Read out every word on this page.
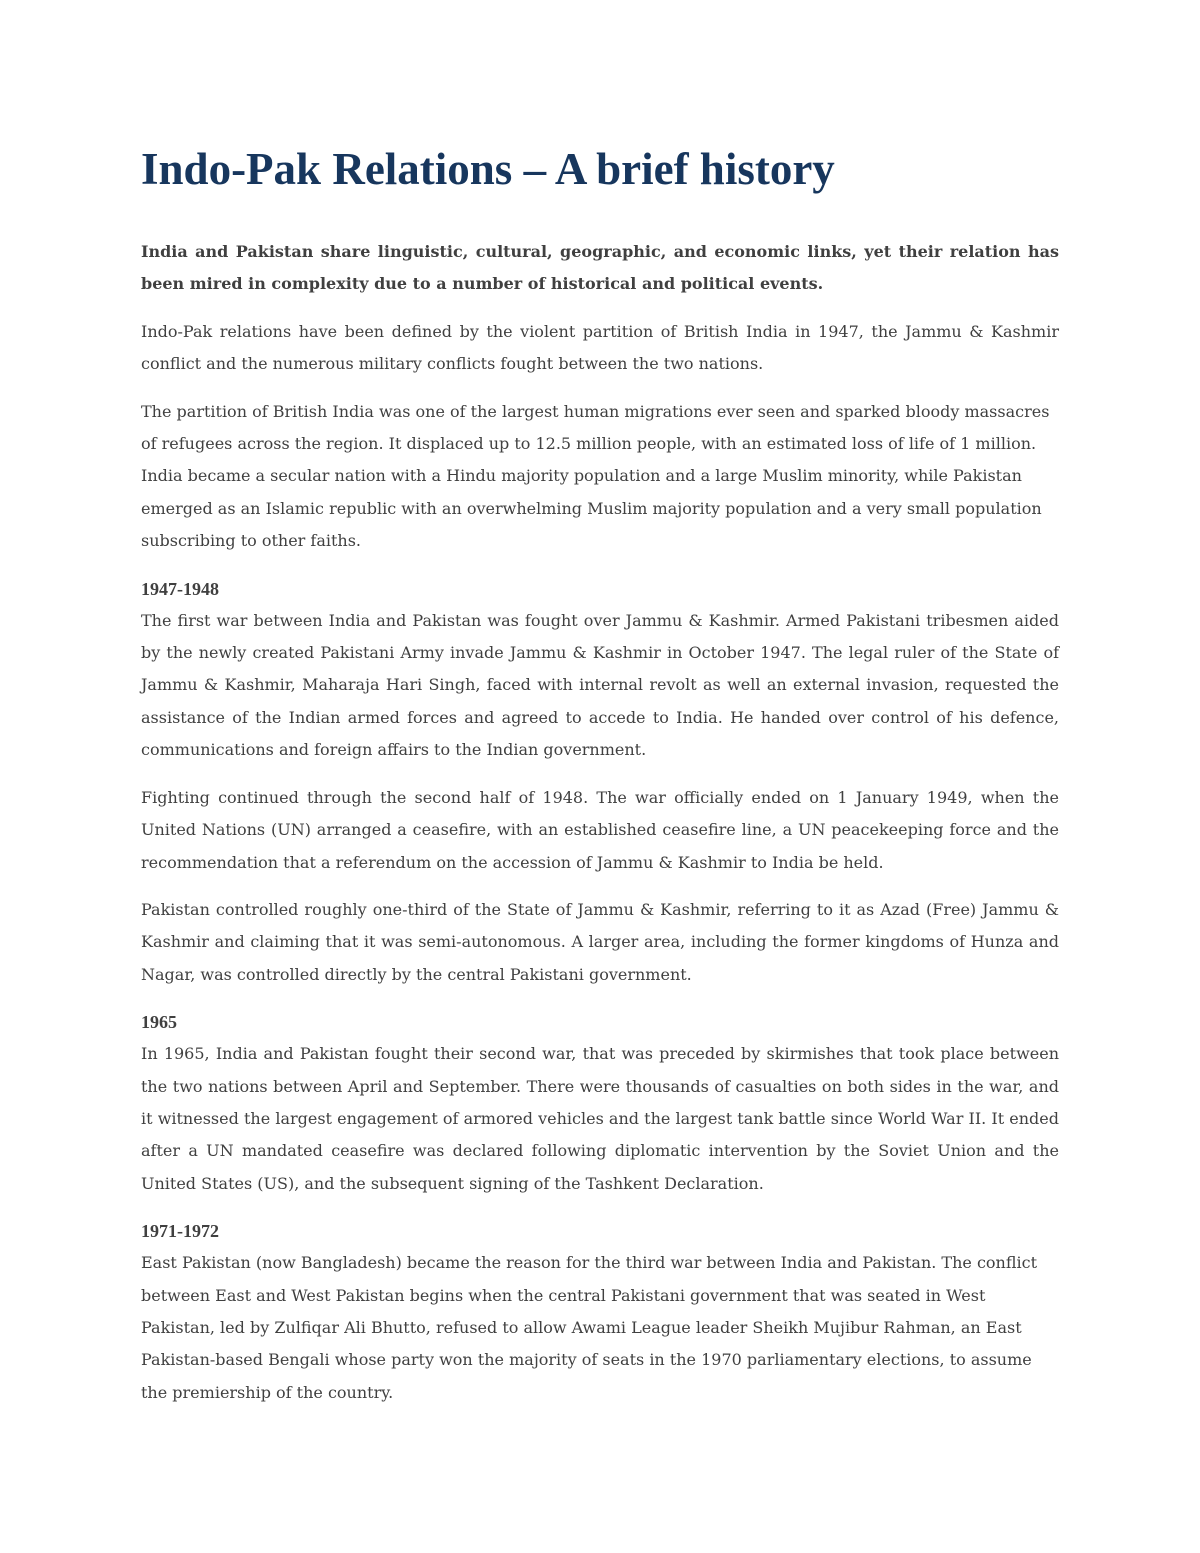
Indo-Pak Relations – A brief history

India and Pakistan share linguistic, cultural, geographic, and economic links, yet their relation has been mired in complexity due to a number of historical and political events.

Indo-Pak relations have been defined by the violent partition of British India in 1947, the Jammu & Kashmir conflict and the numerous military conflicts fought between the two nations.

The partition of British India was one of the largest human migrations ever seen and sparked bloody massacres of refugees across the region. It displaced up to 12.5 million people, with an estimated loss of life of 1 million. India became a secular nation with a Hindu majority population and a large Muslim minority, while Pakistan emerged as an Islamic republic with an overwhelming Muslim majority population and a very small population subscribing to other faiths.

1947-1948

The first war between India and Pakistan was fought over Jammu & Kashmir. Armed Pakistani tribesmen aided by the newly created Pakistani Army invade Jammu & Kashmir in October 1947. The legal ruler of the State of Jammu & Kashmir, Maharaja Hari Singh, faced with internal revolt as well an external invasion, requested the assistance of the Indian armed forces and agreed to accede to India. He handed over control of his defence, communications and foreign affairs to the Indian government.

Fighting continued through the second half of 1948. The war officially ended on 1 January 1949, when the United Nations (UN) arranged a ceasefire, with an established ceasefire line, a UN peacekeeping force and the recommendation that a referendum on the accession of Jammu & Kashmir to India be held.

Pakistan controlled roughly one-third of the State of Jammu & Kashmir, referring to it as Azad (Free) Jammu & Kashmir and claiming that it was semi-autonomous. A larger area, including the former kingdoms of Hunza and Nagar, was controlled directly by the central Pakistani government.

1965

In 1965, India and Pakistan fought their second war, that was preceded by skirmishes that took place between the two nations between April and September. There were thousands of casualties on both sides in the war, and it witnessed the largest engagement of armored vehicles and the largest tank battle since World War II. It ended after a UN mandated ceasefire was declared following diplomatic intervention by the Soviet Union and the United States (US), and the subsequent signing of the Tashkent Declaration.

1971-1972

East Pakistan (now Bangladesh) became the reason for the third war between India and Pakistan. The conflict between East and West Pakistan begins when the central Pakistani government that was seated in West Pakistan, led by Zulfiqar Ali Bhutto, refused to allow Awami League leader Sheikh Mujibur Rahman, an East Pakistan-based Bengali whose party won the majority of seats in the 1970 parliamentary elections, to assume the premiership of the country.
